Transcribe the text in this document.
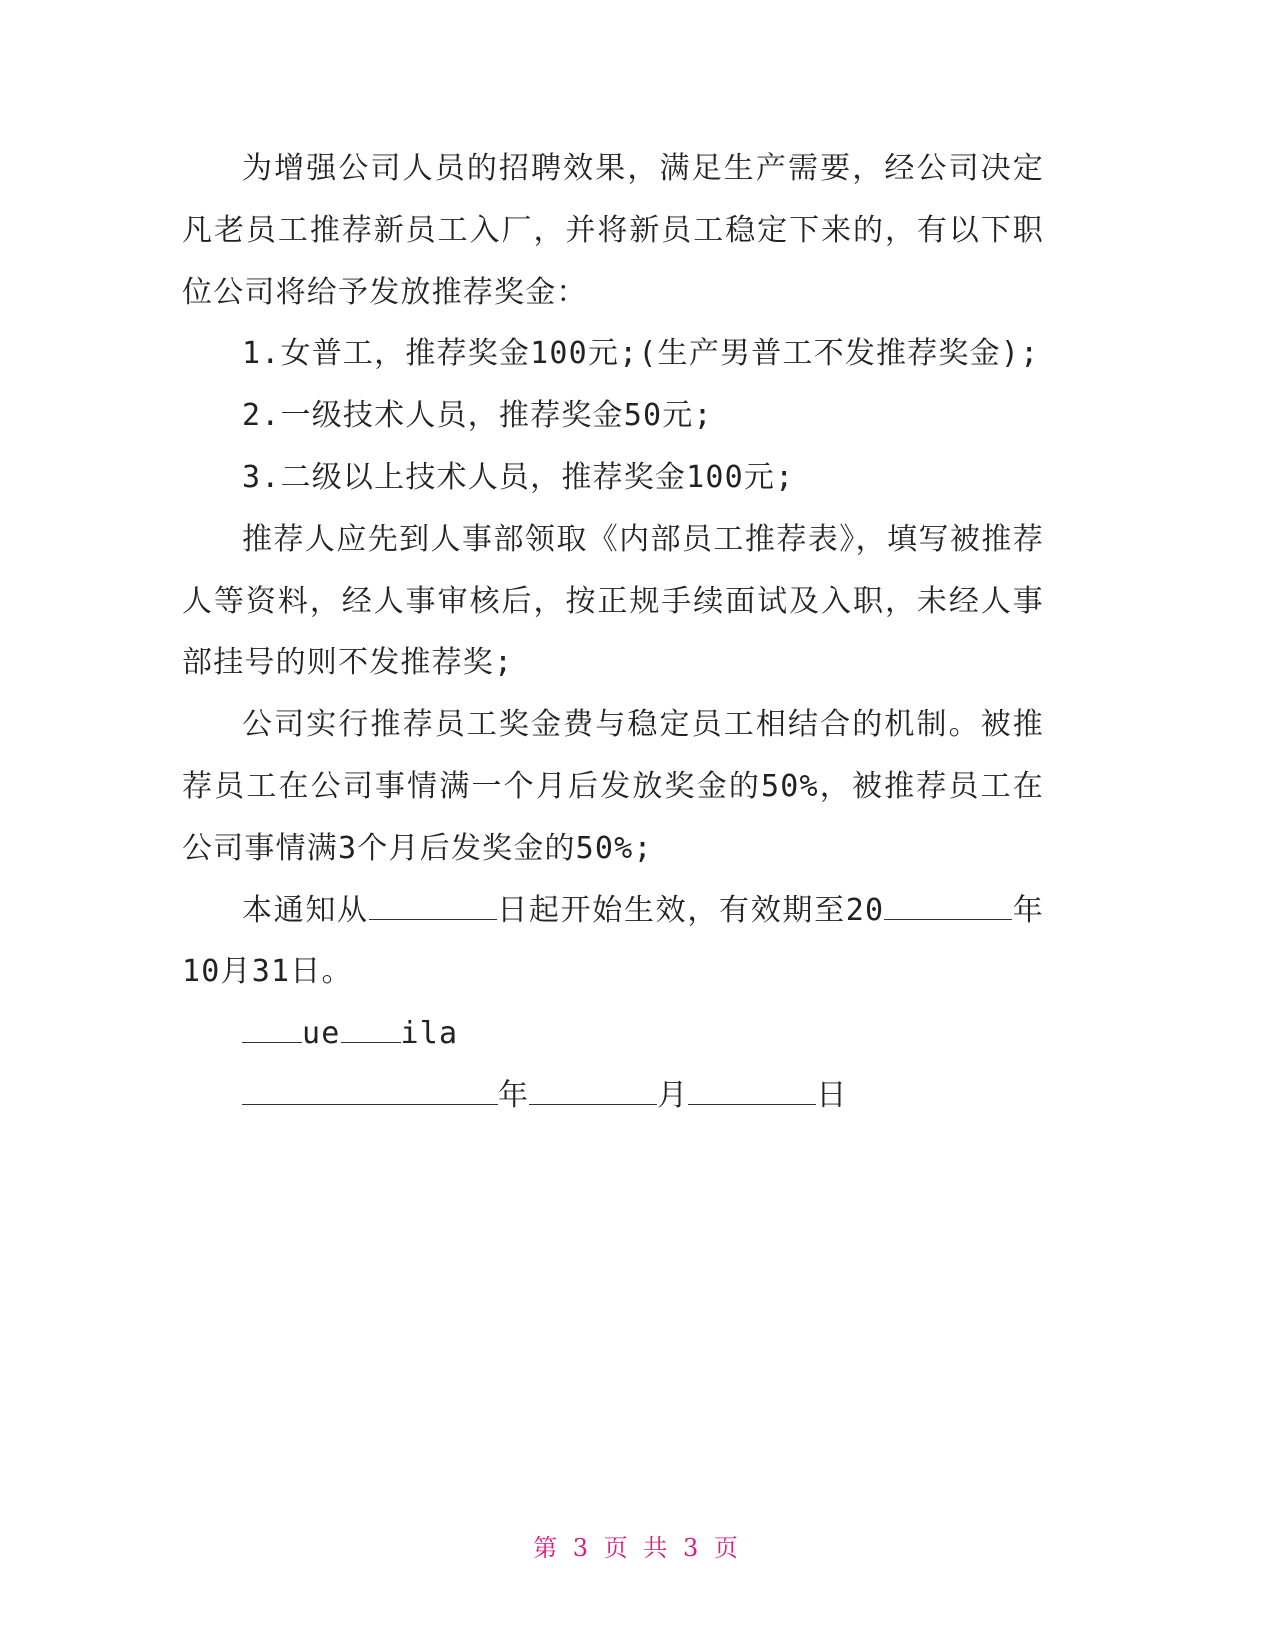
为增强公司人员的招聘效果，满足生产需要，经公司决定凡老员工推荐新员工入厂，并将新员工稳定下来的，有以下职位公司将给予发放推荐奖金：

1.女普工，推荐奖金100元;(生产男普工不发推荐奖金);

2.一级技术人员，推荐奖金50元;

3.二级以上技术人员，推荐奖金100元;

推荐人应先到人事部领取《内部员工推荐表》，填写被推荐人等资料，经人事审核后，按正规手续面试及入职，未经人事部挂号的则不发推荐奖;

公司实行推荐员工奖金费与稳定员工相结合的机制。被推荐员工在公司事情满一个月后发放奖金的50%，被推荐员工在公司事情满3个月后发奖金的50%;

本通知从	日起开始生效，有效期至20	年10月31日。

ue ila

年	月	日

第 3 页 共 3 页
